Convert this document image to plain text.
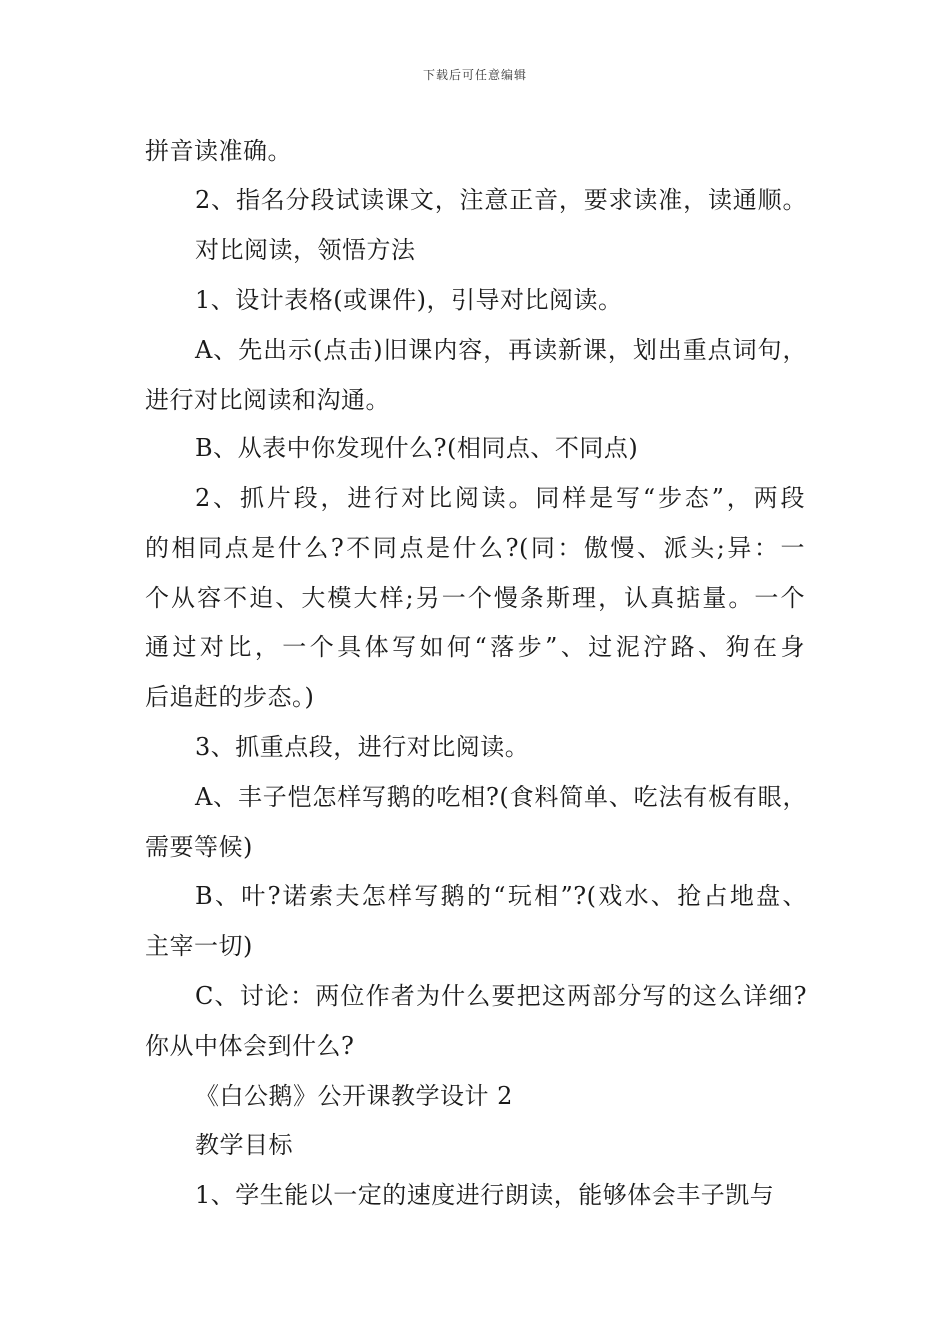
下载后可任意编辑
拼音读准确。
2、指名分段试读课文，注意正音，要求读准，读通顺。
对比阅读，领悟方法
1、设计表格(或课件)，引导对比阅读。
A、先出示(点击)旧课内容，再读新课，划出重点词句，
进行对比阅读和沟通。
B、从表中你发现什么?(相同点、不同点)
2、抓片段，进行对比阅读。同样是写“步态”，两段
的相同点是什么?不同点是什么?(同：傲慢、派头;异：一
个从容不迫、大模大样;另一个慢条斯理，认真掂量。一个
通过对比，一个具体写如何“落步”、过泥泞路、狗在身
后追赶的步态。)
3、抓重点段，进行对比阅读。
A、丰子恺怎样写鹅的吃相?(食料简单、吃法有板有眼，
需要等候)
B、叶?诺索夫怎样写鹅的“玩相”?(戏水、抢占地盘、
主宰一切)
C、讨论：两位作者为什么要把这两部分写的这么详细?
你从中体会到什么?
《白公鹅》公开课教学设计 2
教学目标
1、学生能以一定的速度进行朗读，能够体会丰子凯与
